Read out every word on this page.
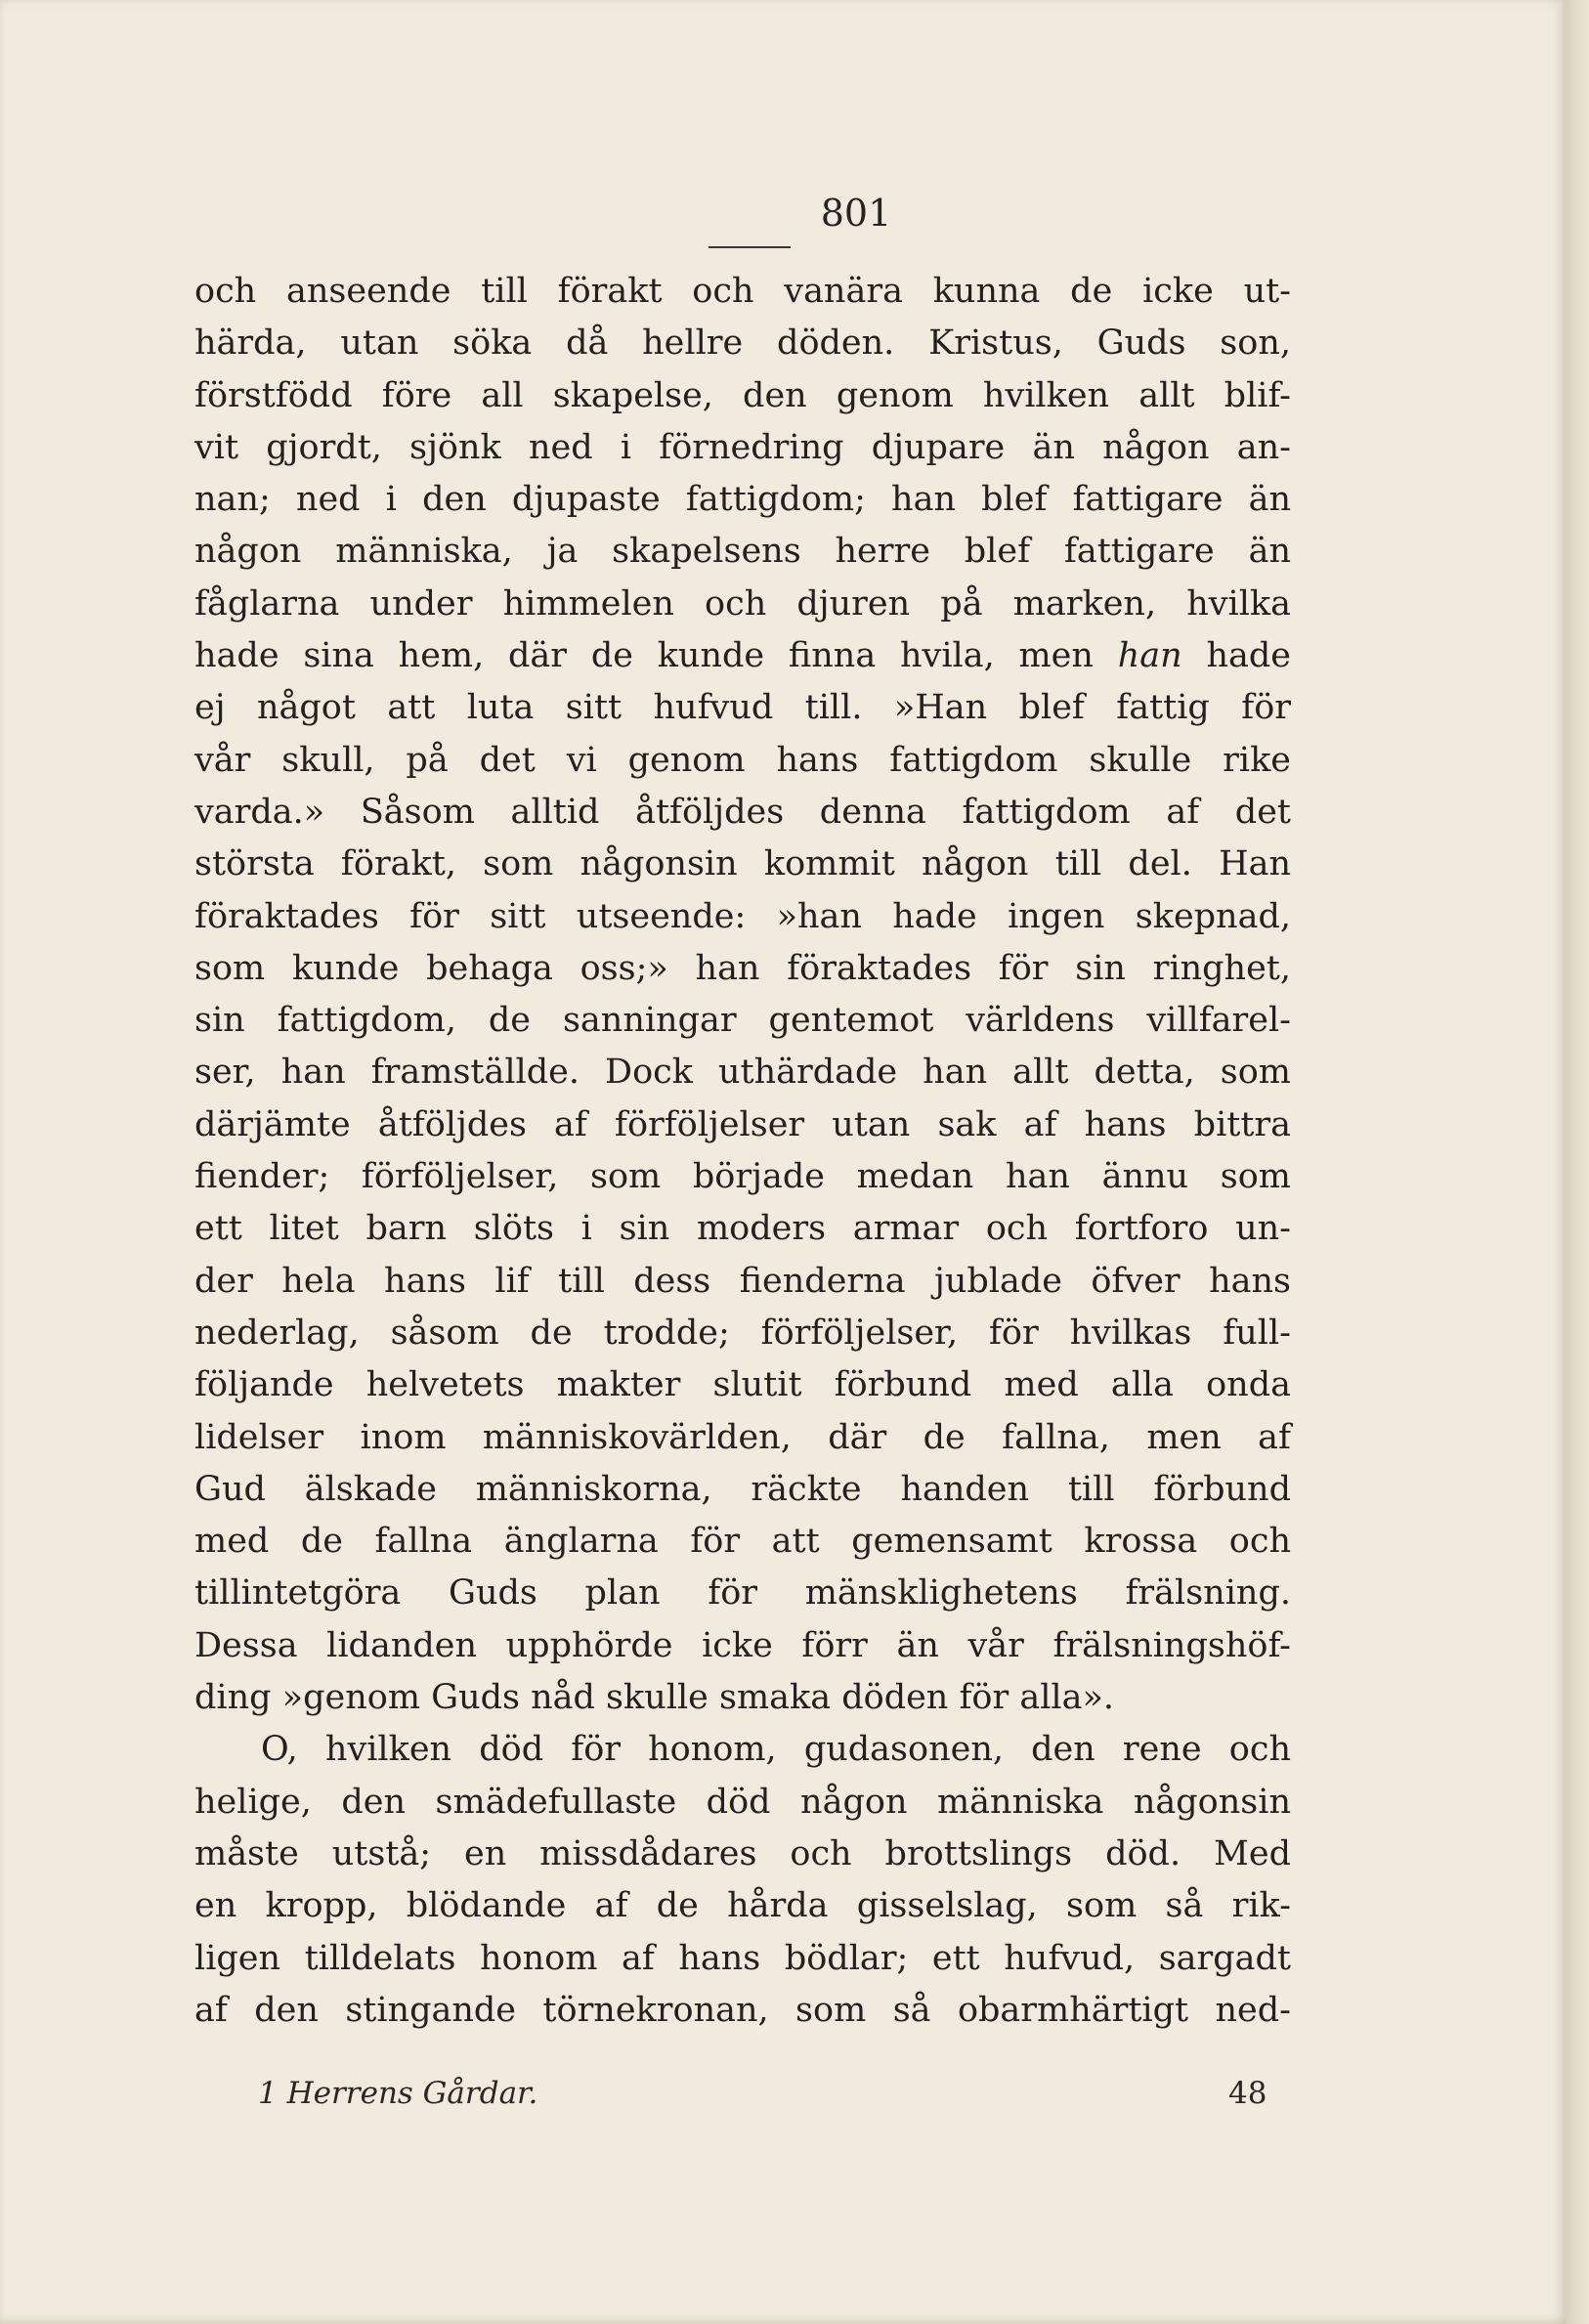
801
och anseende till förakt och vanära kunna de icke ut-
härda, utan söka då hellre döden. Kristus, Guds son,
förstfödd före all skapelse, den genom hvilken allt blif-
vit gjordt, sjönk ned i förnedring djupare än någon an-
nan; ned i den djupaste fattigdom; han blef fattigare än
någon människa, ja skapelsens herre blef fattigare än
fåglarna under himmelen och djuren på marken, hvilka
hade sina hem, där de kunde finna hvila, men han hade
ej något att luta sitt hufvud till. »Han blef fattig för
vår skull, på det vi genom hans fattigdom skulle rike
varda.» Såsom alltid åtföljdes denna fattigdom af det
största förakt, som någonsin kommit någon till del. Han
föraktades för sitt utseende: »han hade ingen skepnad,
som kunde behaga oss;» han föraktades för sin ringhet,
sin fattigdom, de sanningar gentemot världens villfarel-
ser, han framställde. Dock uthärdade han allt detta, som
därjämte åtföljdes af förföljelser utan sak af hans bittra
fiender; förföljelser, som började medan han ännu som
ett litet barn slöts i sin moders armar och fortforo un-
der hela hans lif till dess fienderna jublade öfver hans
nederlag, såsom de trodde; förföljelser, för hvilkas full-
följande helvetets makter slutit förbund med alla onda
lidelser inom människovärlden, där de fallna, men af
Gud älskade människorna, räckte handen till förbund
med de fallna änglarna för att gemensamt krossa och
tillintetgöra Guds plan för mänsklighetens frälsning.
Dessa lidanden upphörde icke förr än vår frälsningshöf-
ding »genom Guds nåd skulle smaka döden för alla».
O, hvilken död för honom, gudasonen, den rene och
helige, den smädefullaste död någon människa någonsin
måste utstå; en missdådares och brottslings död. Med
en kropp, blödande af de hårda gisselslag, som så rik-
ligen tilldelats honom af hans bödlar; ett hufvud, sargadt
af den stingande törnekronan, som så obarmhärtigt ned-
1 Herrens Gårdar.	48
